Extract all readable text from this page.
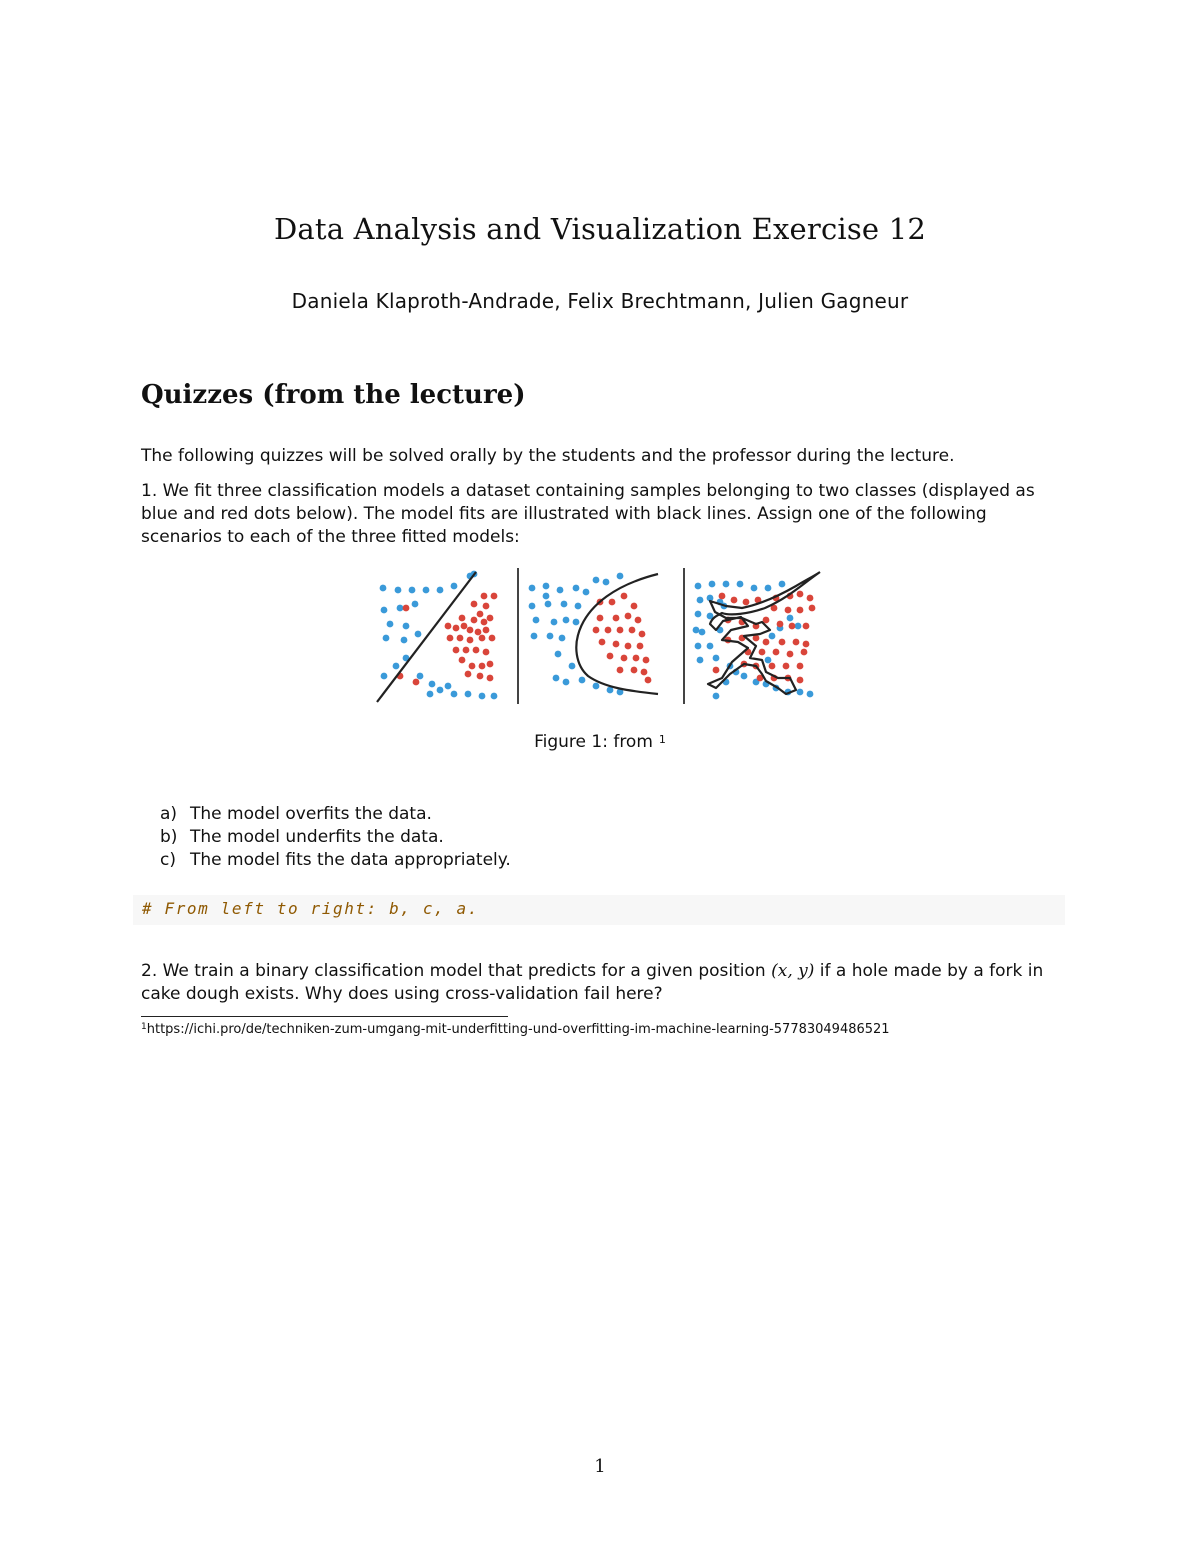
Data Analysis and Visualization Exercise 12
Daniela Klaproth-Andrade, Felix Brechtmann, Julien Gagneur
Quizzes (from the lecture)
The following quizzes will be solved orally by the students and the professor during the lecture.
1. We fit three classification models a dataset containing samples belonging to two classes (displayed as blue and red dots below). The model fits are illustrated with black lines. Assign one of the following scenarios to each of the three fitted models:
Figure 1: from $^1$
a) The model overfits the data.
b) The model underfits the data.
c) The model fits the data appropriately.
# From left to right: b, c, a.
2. We train a binary classification model that predicts for a given position (x, y) if a hole made by a fork in cake dough exists. Why does using cross-validation fail here?
$^1$https://ichi.pro/de/techniken-zum-umgang-mit-underfitting-und-overfitting-im-machine-learning-57783049486521
1
